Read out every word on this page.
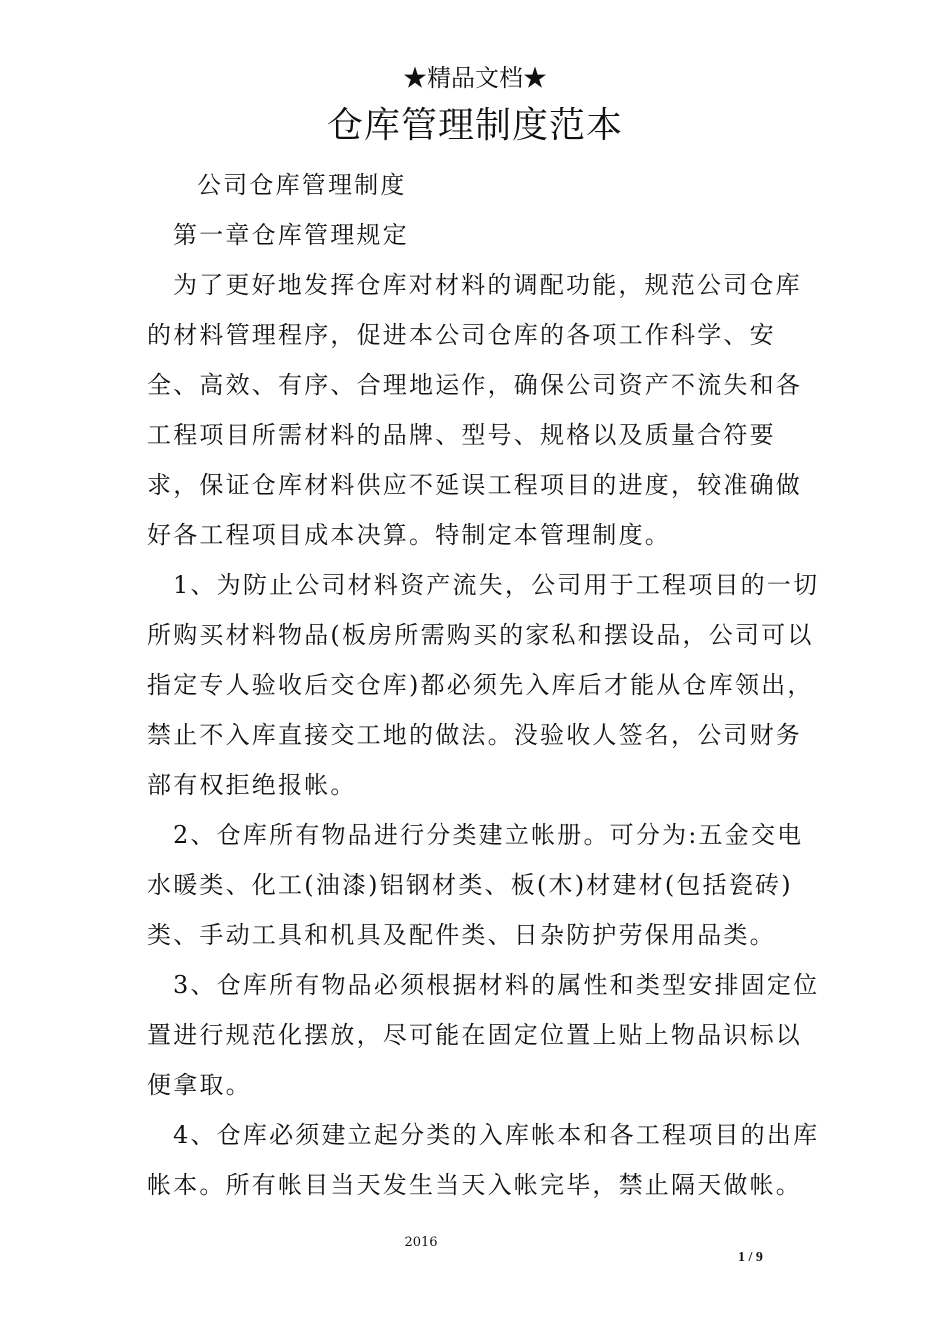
★精品文档★
仓库管理制度范本

公司仓库管理制度

第一章仓库管理规定

为了更好地发挥仓库对材料的调配功能，规范公司仓库的材料管理程序，促进本公司仓库的各项工作科学、安全、高效、有序、合理地运作，确保公司资产不流失和各工程项目所需材料的品牌、型号、规格以及质量合符要求，保证仓库材料供应不延误工程项目的进度，较准确做好各工程项目成本决算。特制定本管理制度。

1、为防止公司材料资产流失，公司用于工程项目的一切所购买材料物品(板房所需购买的家私和摆设品，公司可以指定专人验收后交仓库)都必须先入库后才能从仓库领出，禁止不入库直接交工地的做法。没验收人签名，公司财务部有权拒绝报帐。

2、仓库所有物品进行分类建立帐册。可分为:五金交电水暖类、化工(油漆)铝钢材类、板(木)材建材(包括瓷砖)类、手动工具和机具及配件类、日杂防护劳保用品类。

3、仓库所有物品必须根据材料的属性和类型安排固定位置进行规范化摆放，尽可能在固定位置上贴上物品识标以便拿取。

4、仓库必须建立起分类的入库帐本和各工程项目的出库帐本。所有帐目当天发生当天入帐完毕，禁止隔天做帐。

2016
1 / 9
